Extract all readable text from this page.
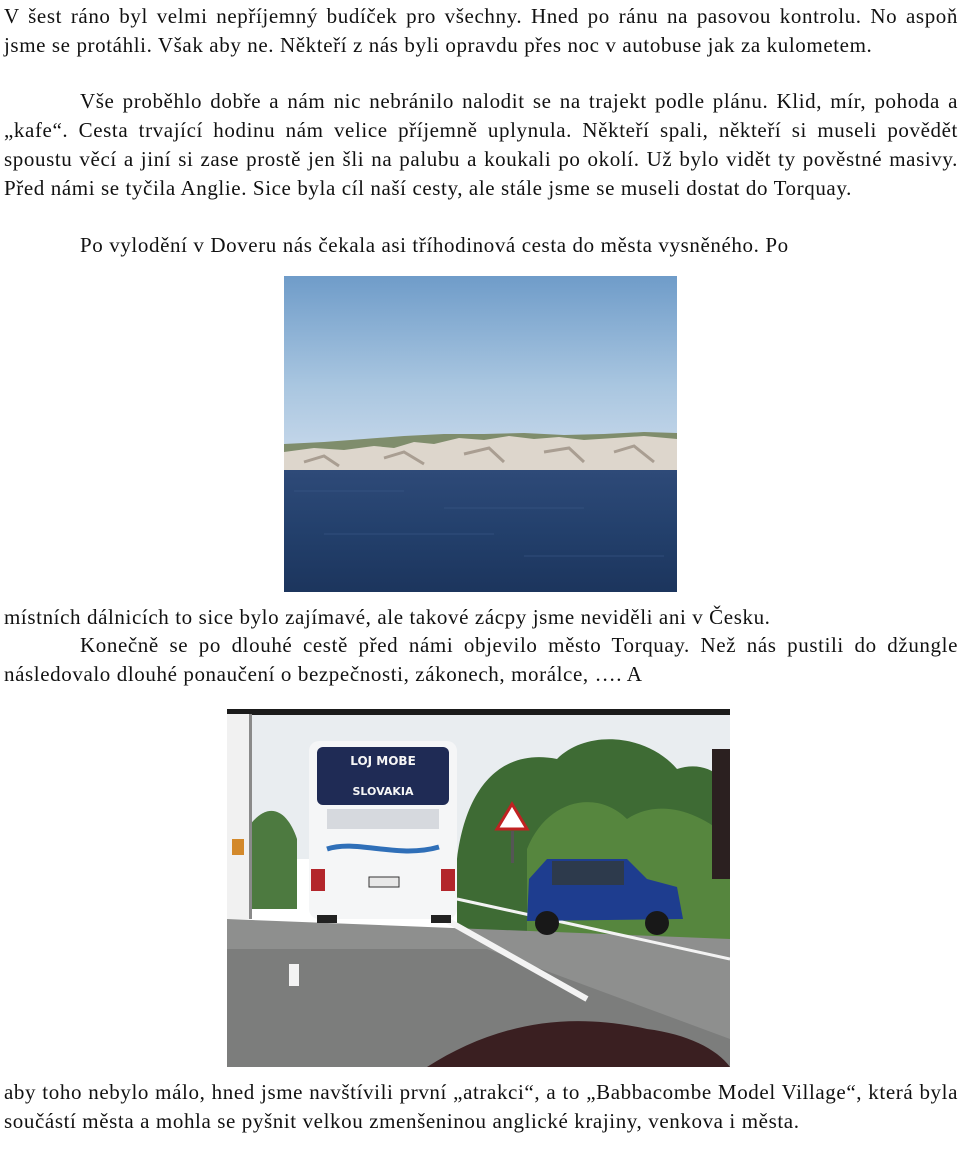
V šest ráno byl velmi nepříjemný budíček pro všechny. Hned po ránu na pasovou kontrolu. No aspoň jsme se protáhli. Však aby ne. Někteří z nás byli opravdu přes noc v autobuse jak za kulometem.

Vše proběhlo dobře a nám nic nebránilo nalodit se na trajekt podle plánu. Klid, mír, pohoda a „kafe“. Cesta trvající hodinu nám velice příjemně uplynula. Někteří spali, někteří si museli povědět spoustu věcí a jiní si zase prostě jen šli na palubu a koukali po okolí. Už bylo vidět ty pověstné masivy. Před námi se tyčila Anglie. Sice byla cíl naší cesty, ale stále jsme se museli dostat do Torquay.

Po vylodění v Doveru nás čekala asi tříhodinová cesta do města vysněného. Po

místních dálnicích to sice bylo zajímavé, ale takové zácpy jsme neviděli ani v Česku.

Konečně se po dlouhé cestě před námi objevilo město Torquay. Než nás pustili do džungle následovalo dlouhé ponaučení o bezpečnosti, zákonech, morálce, …. A

LOJ MOBE
SLOVAKIA

aby toho nebylo málo, hned jsme navštívili první „atrakci“, a to „Babbacombe Model Village“, která byla součástí města a mohla se pyšnit velkou zmenšeninou anglické krajiny, venkova i města.
